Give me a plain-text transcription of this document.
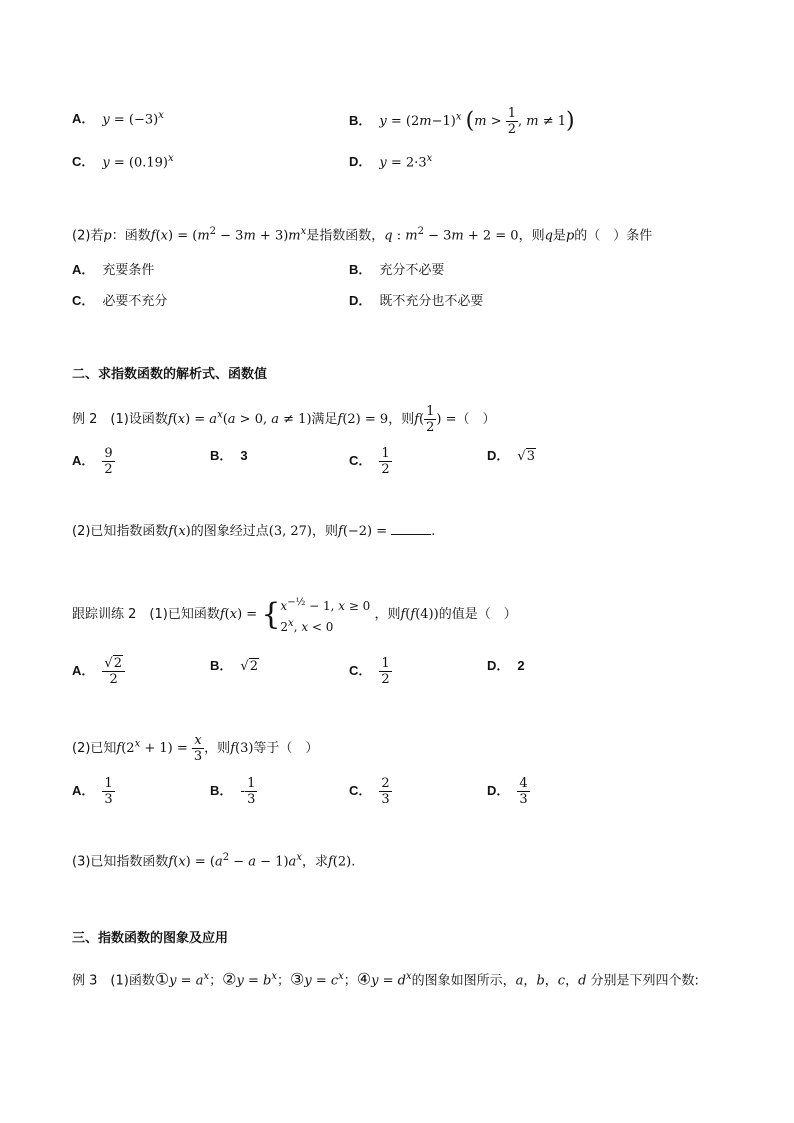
A． $y = (-3)^x$	B． $y = (2m-1)^x$ ($m > \frac{1}{2}$ , m ≠ 1)
C． $y = (0.19)^x$	D． $y = 2\cdot 3^x$
(2)若p：函数$f(x) = (m^2 - 3m + 3)m^x$是指数函数，q : $m^2 - 3m + 2 = 0$，则q是p的（　）条件
A． 充要条件	B． 充分不必要
C． 必要不充分	D． 既不充分也不必要
二、求指数函数的解析式、函数值
例 2　(1)设函数$f(x) = a^x(a > 0$, a ≠ 1)满足f(2) = 9，则$f( \frac{1}{2}$ ) =（　）
A． $\frac{9}{2}$	B． 3	C． $\frac{1}{2}$	D． √3
(2)已知指数函数f(x)的图象经过点(3, 27)，则f(−2) =	.
跟踪训练 2　(1)已知函数$f(x) = \{x^{-\frac{1}{2}} - 1$, x ≥ 0
2$^x$, x < 0 ，则f(f(4))的值是（　）
A． $\frac{√2}{2}$	B． √2	C． $\frac{1}{2}$	D． 2
(2)已知$f(2^x + 1) = \frac{x}{3}$ ，则f(3)等于（　）
A． $\frac{1}{3}$	B． - $\frac{1}{3}$	C． $\frac{2}{3}$	D． $\frac{4}{3}$
(3)已知指数函数$f(x) = (a^2 - a - 1)a^x$，求f(2).
三、指数函数的图象及应用
例 3　(1)函数①y = $a^x$；②y = $b^x$；③y = $c^x$；④y = $d^x$的图象如图所示，a，b，c，d 分别是下列四个数:
